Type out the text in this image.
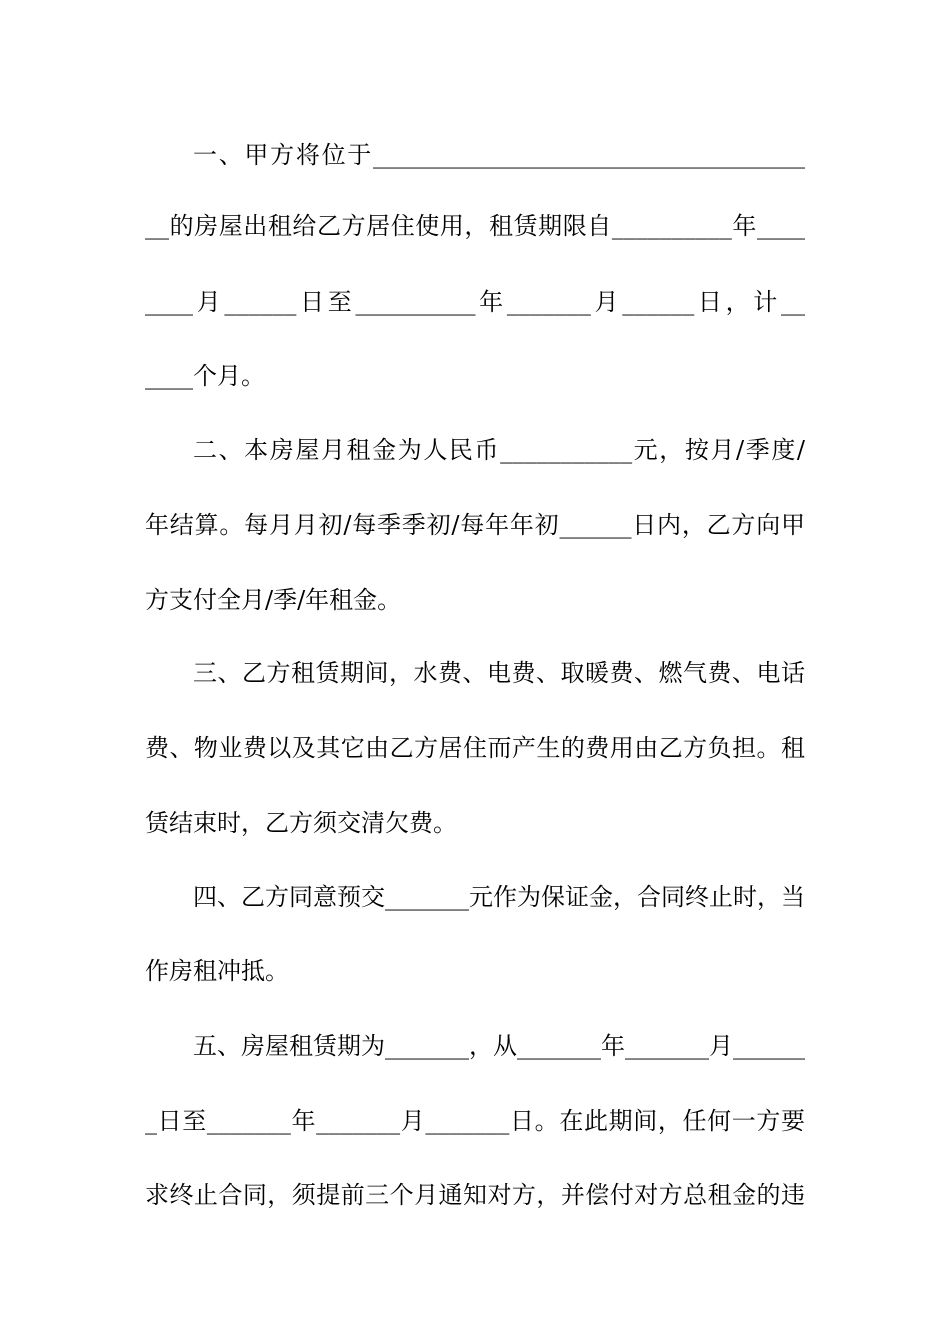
一、甲方将位于____________________________________
__的房屋出租给乙方居住使用，租赁期限自__________年____
____月______日至__________年_______月______日，计__
____个月。
二、本房屋月租金为人民币___________元，按月/季度/
年结算。每月月初/每季季初/每年年初______日内，乙方向甲
方支付全月/季/年租金。
三、乙方租赁期间，水费、电费、取暖费、燃气费、电话
费、物业费以及其它由乙方居住而产生的费用由乙方负担。租
赁结束时，乙方须交清欠费。
四、乙方同意预交_______元作为保证金，合同终止时，当
作房租冲抵。
五、房屋租赁期为_______，从_______年_______月______
_日至_______年_______月_______日。在此期间，任何一方要
求终止合同，须提前三个月通知对方，并偿付对方总租金的违
